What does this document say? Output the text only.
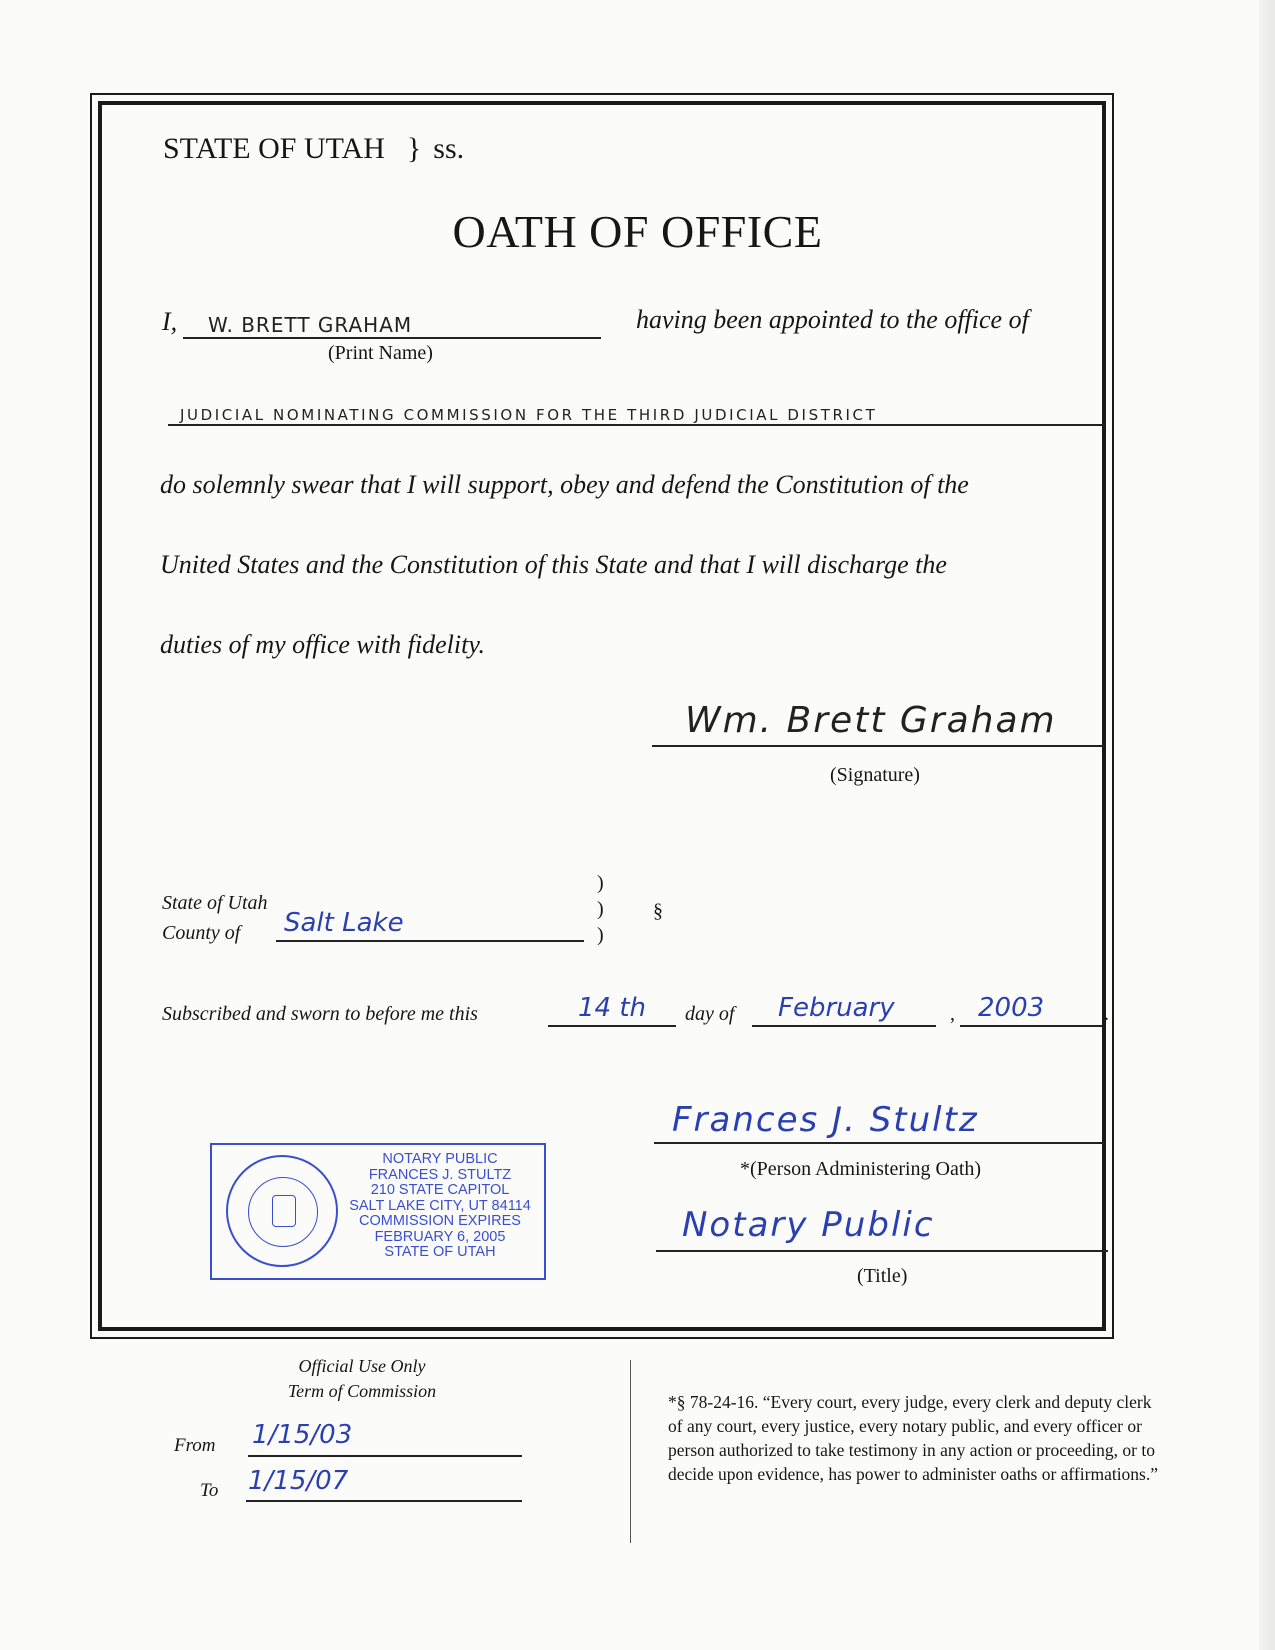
STATE OF UTAH } ss.
OATH OF OFFICE
I, W. BRETT GRAHAM
(Print Name)
having been appointed to the office of
JUDICIAL NOMINATING COMMISSION FOR THE THIRD JUDICIAL DISTRICT
do solemnly swear that I will support, obey and defend the Constitution of the
United States and the Constitution of this State and that I will discharge the
duties of my office with fidelity.
Wm. Brett Graham
(Signature)
State of Utah
County of Salt Lake
)
)
)
§
Subscribed and sworn to before me this	14 th day of February	, 2003	.
Frances J. Stultz
*(Person Administering Oath)
Notary Public
(Title)
NOTARY PUBLIC
FRANCES J. STULTZ
210 STATE CAPITOL
SALT LAKE CITY, UT 84114
COMMISSION EXPIRES
FEBRUARY 6, 2005
STATE OF UTAH
Official Use Only
Term of Commission
From 1/15/03
To 1/15/07
*§ 78-24-16. “Every court, every judge, every clerk and deputy clerk of any court, every justice, every notary public, and every officer or person authorized to take testimony in any action or proceeding, or to decide upon evidence, has power to administer oaths or affirmations.”
